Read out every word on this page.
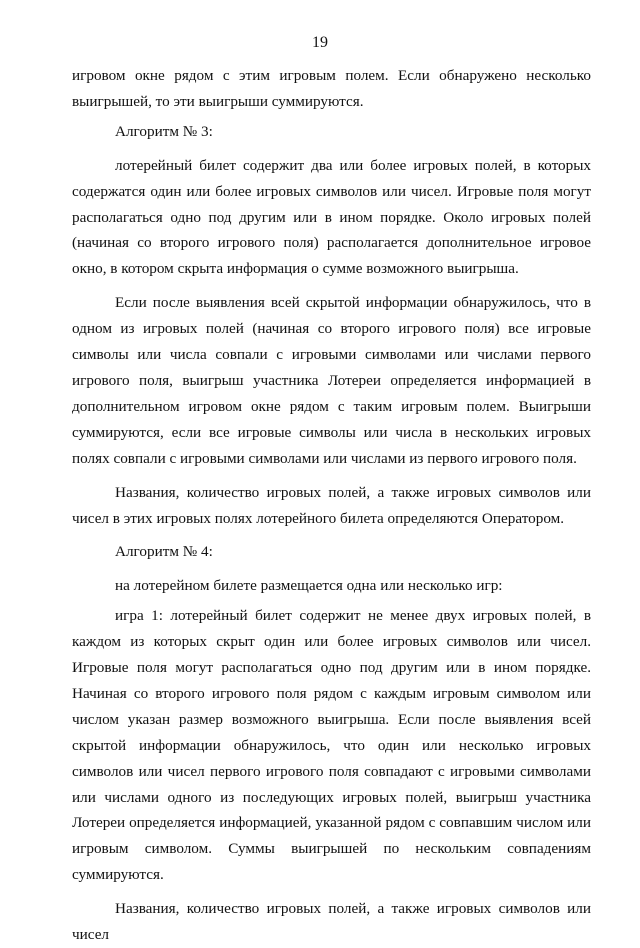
19

игровом окне рядом с этим игровым полем. Если обнаружено несколько выигрышей, то эти выигрыши суммируются.

Алгоритм № 3:

лотерейный билет содержит два или более игровых полей, в которых содержатся один или более игровых символов или чисел. Игровые поля могут располагаться одно под другим или в ином порядке. Около игровых полей (начиная со второго игрового поля) располагается дополнительное игровое окно, в котором скрыта информация о сумме возможного выигрыша.

Если после выявления всей скрытой информации обнаружилось, что в одном из игровых полей (начиная со второго игрового поля) все игровые символы или числа совпали с игровыми символами или числами первого игрового поля, выигрыш участника Лотереи определяется информацией в дополнительном игровом окне рядом с таким игровым полем. Выигрыши суммируются, если все игровые символы или числа в нескольких игровых полях совпали с игровыми символами или числами из первого игрового поля.

Названия, количество игровых полей, а также игровых символов или чисел в этих игровых полях лотерейного билета определяются Оператором.

Алгоритм № 4:

на лотерейном билете размещается одна или несколько игр:

игра 1: лотерейный билет содержит не менее двух игровых полей, в каждом из которых скрыт один или более игровых символов или чисел. Игровые поля могут располагаться одно под другим или в ином порядке. Начиная со второго игрового поля рядом с каждым игровым символом или числом указан размер возможного выигрыша. Если после выявления всей скрытой информации обнаружилось, что один или несколько игровых символов или чисел первого игрового поля совпадают с игровыми символами или числами одного из последующих игровых полей, выигрыш участника Лотереи определяется информацией, указанной рядом с совпавшим числом или игровым символом. Суммы выигрышей по нескольким совпадениям суммируются.

Названия, количество игровых полей, а также игровых символов или чисел
